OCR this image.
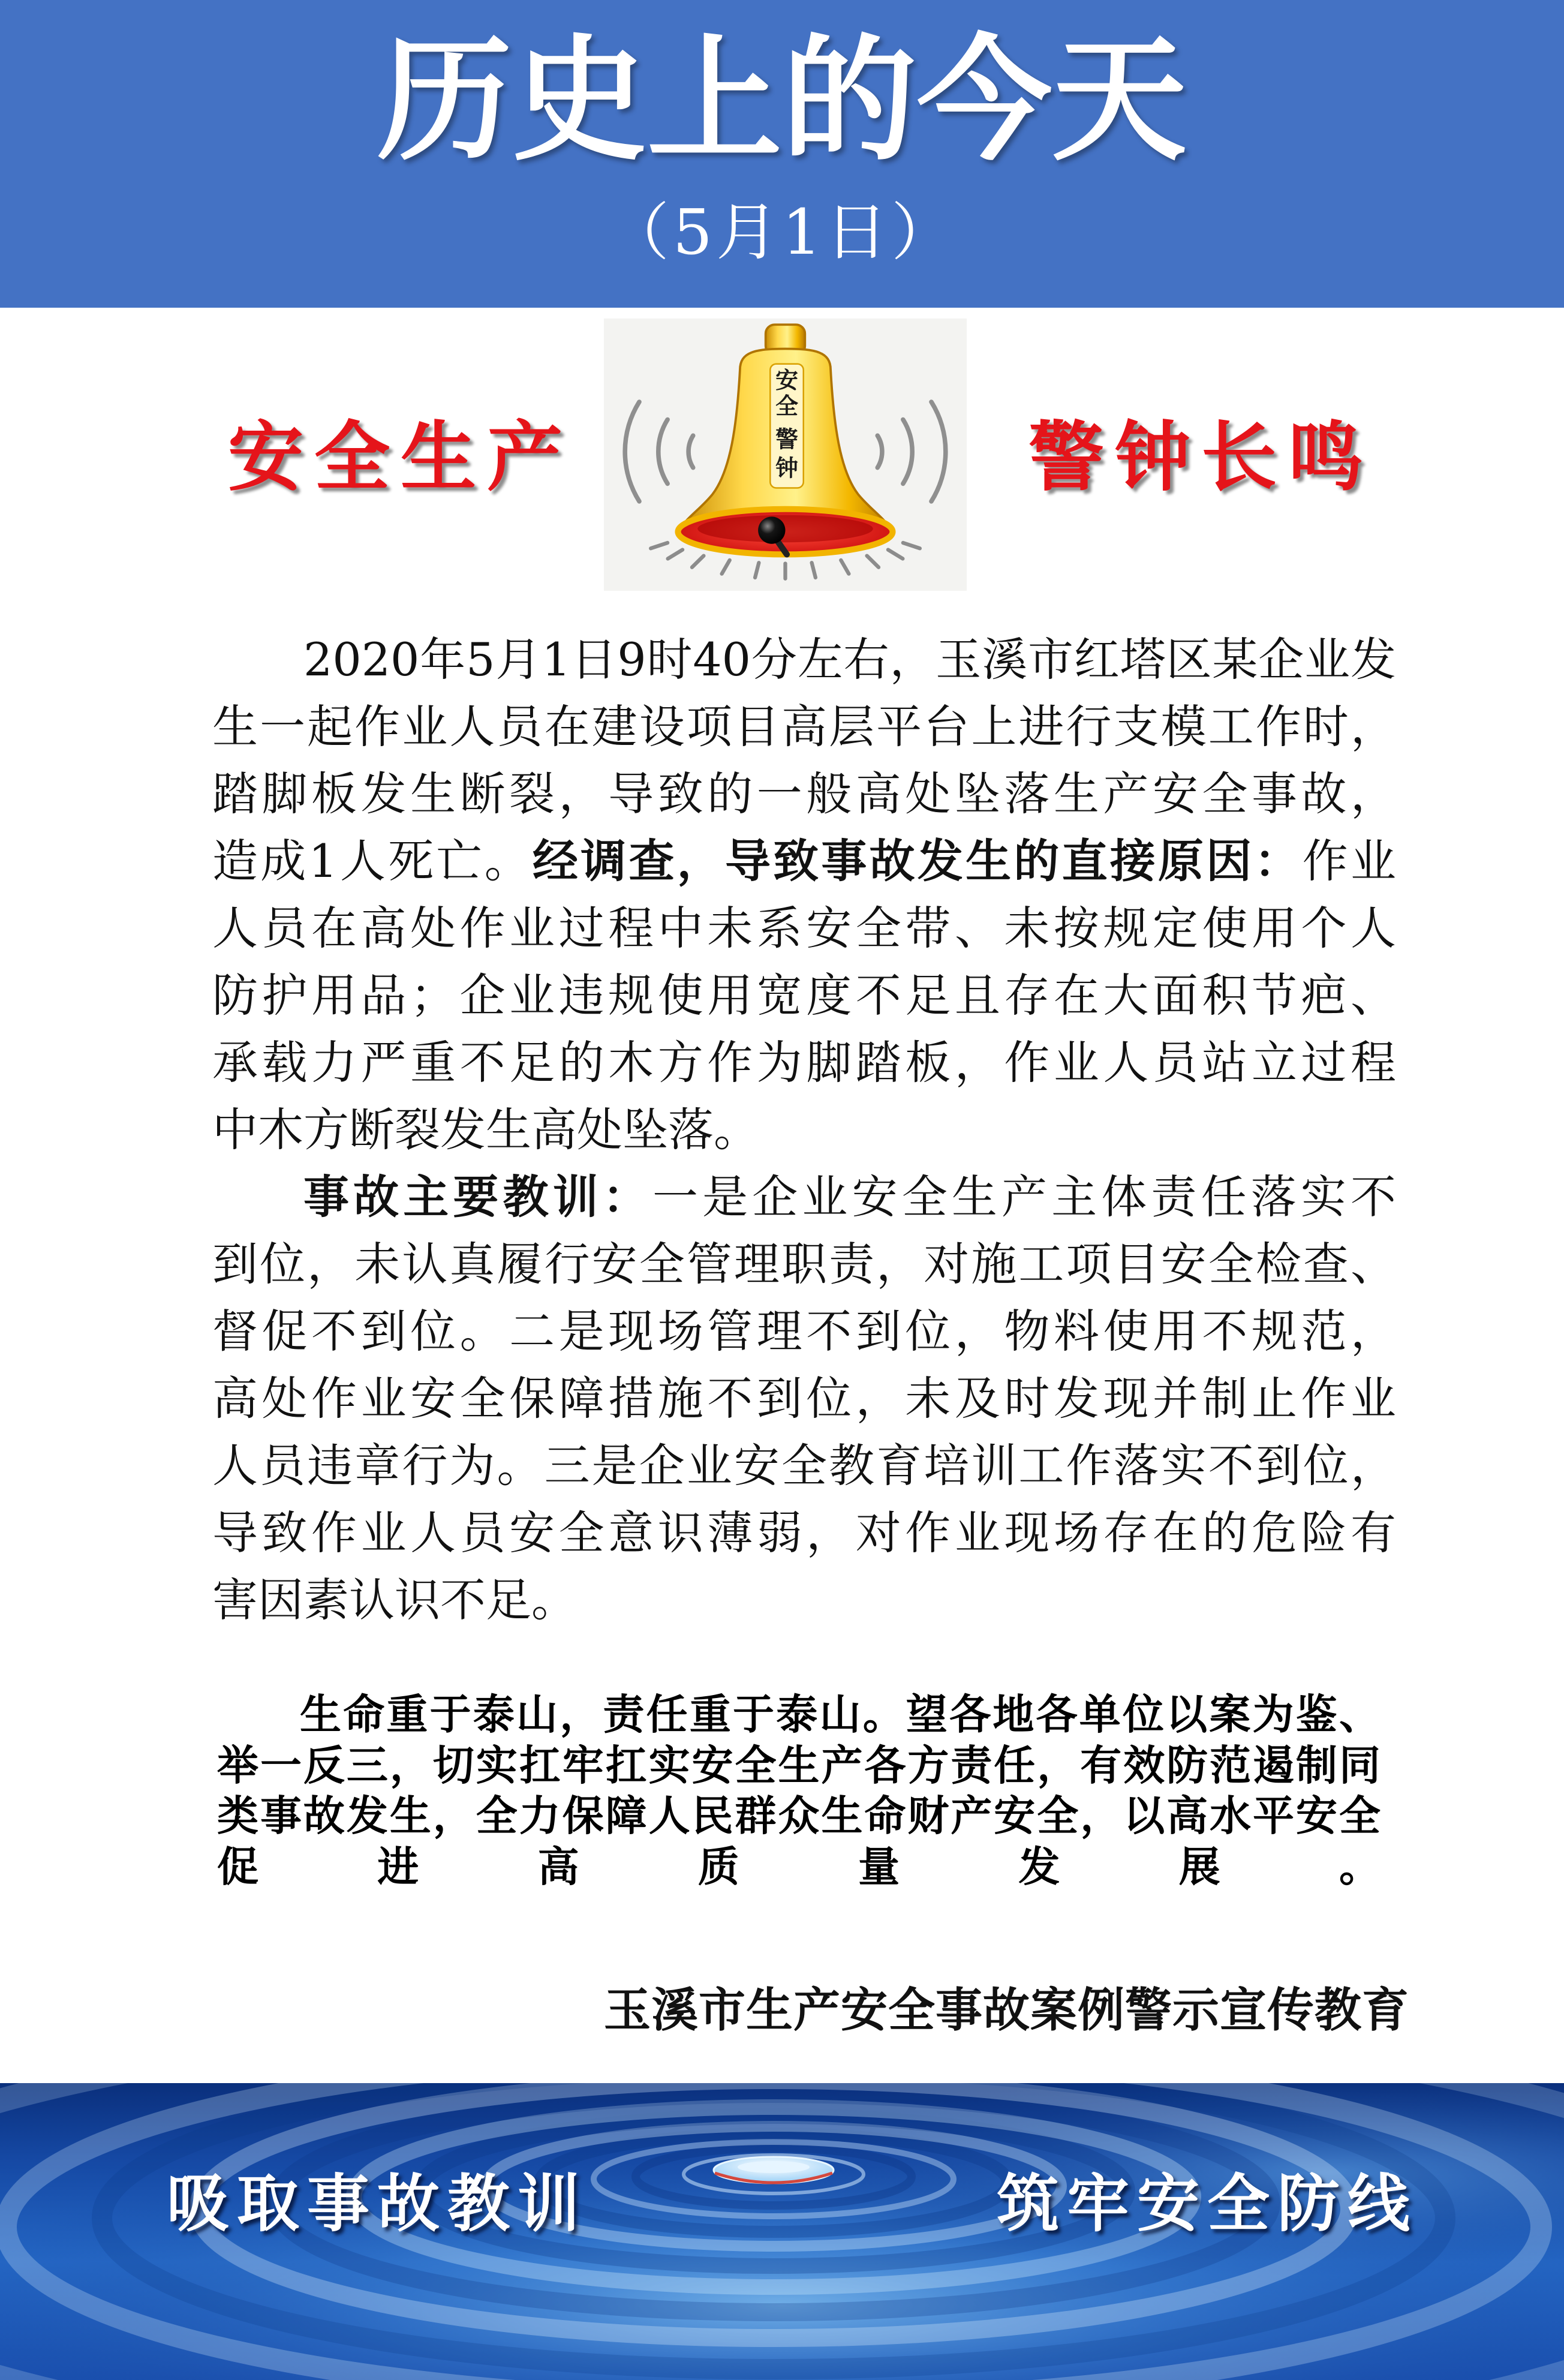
历史上的今天
（5月1日）
安全生产
安
全
警
钟	警钟长鸣
2020年5月1日9时40分左右，玉溪市红塔区某企业发
生一起作业人员在建设项目高层平台上进行支模工作时，
踏脚板发生断裂，导致的一般高处坠落生产安全事故，
造成1人死亡。经调查，导致事故发生的直接原因：作业
人员在高处作业过程中未系安全带、未按规定使用个人
防护用品；企业违规使用宽度不足且存在大面积节疤、
承载力严重不足的木方作为脚踏板，作业人员站立过程
中木方断裂发生高处坠落。
事故主要教训：一是企业安全生产主体责任落实不
到位，未认真履行安全管理职责，对施工项目安全检查、
督促不到位。二是现场管理不到位，物料使用不规范，
高处作业安全保障措施不到位，未及时发现并制止作业
人员违章行为。三是企业安全教育培训工作落实不到位，
导致作业人员安全意识薄弱，对作业现场存在的危险有
害因素认识不足。
生命重于泰山，责任重于泰山。望各地各单位以案为鉴、
举一反三，切实扛牢扛实安全生产各方责任，有效防范遏制同
类事故发生，全力保障人民群众生命财产安全，以高水平安全
促进高质量发展。
玉溪市生产安全事故案例警示宣传教育
吸取事故教训	筑牢安全防线
